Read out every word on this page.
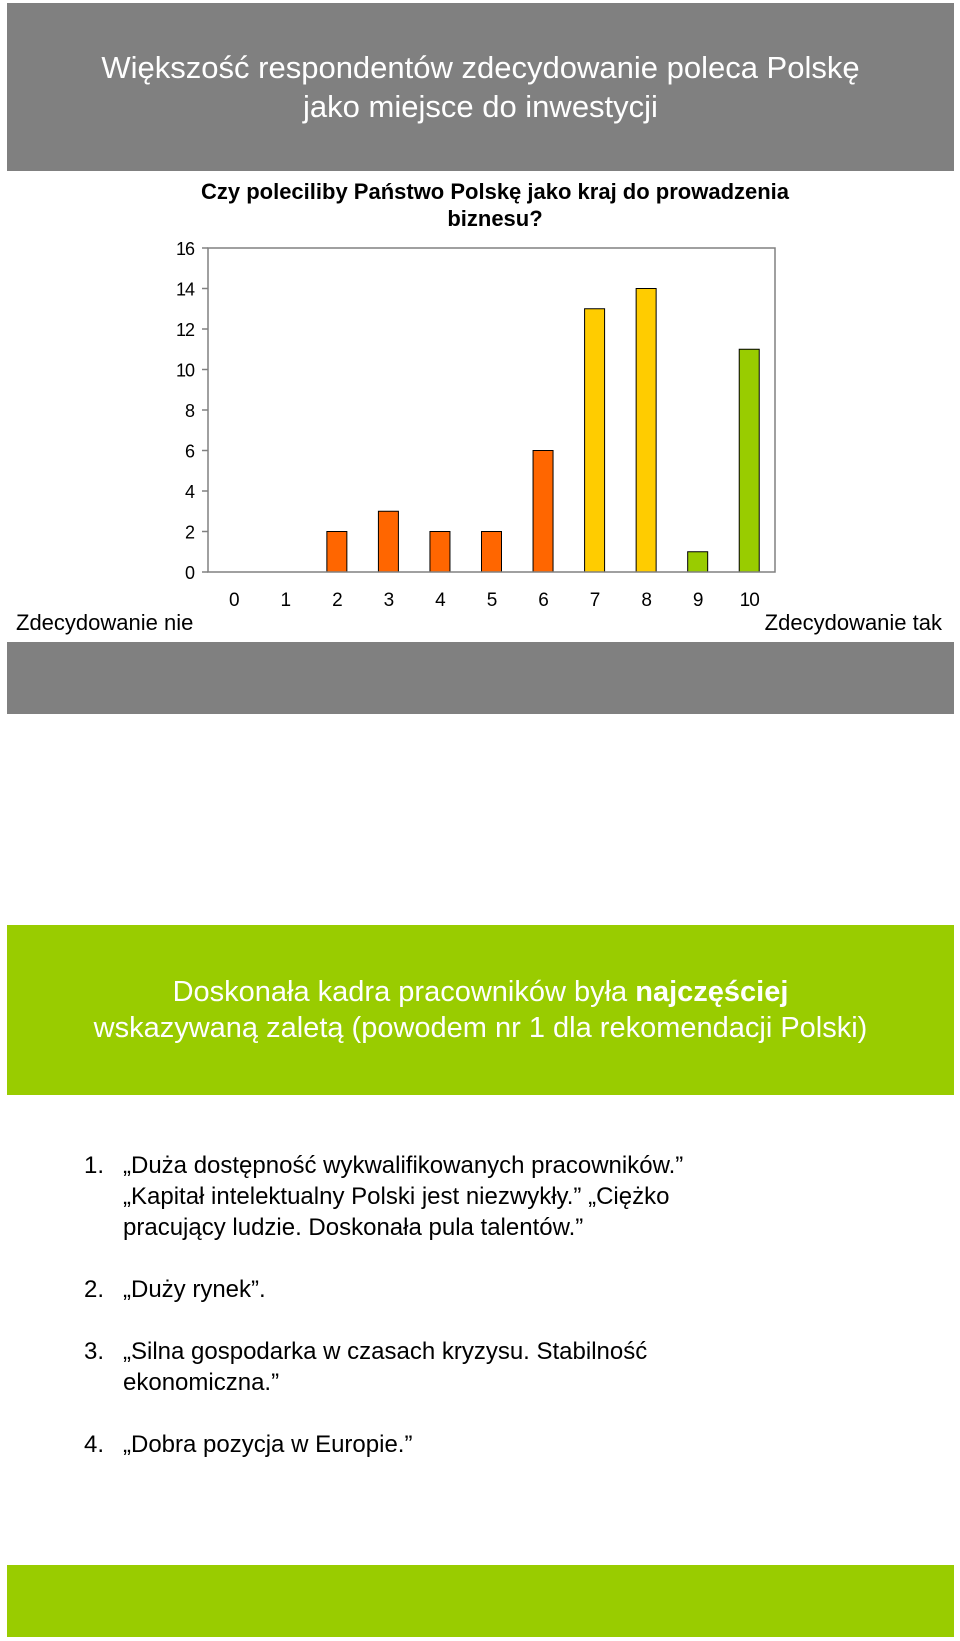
Większość respondentów zdecydowanie poleca Polskę
jako miejsce do inwestycji
Czy poleciliby Państwo Polskę jako kraj do prowadzenia
biznesu?
0
2
4
6
8
10
12
14
16
0 1 2 3 4 5 6 7 8 9 10
Zdecydowanie nie	Zdecydowanie tak
Doskonała kadra pracowników była najczęściej
wskazywaną zaletą (powodem nr 1 dla rekomendacji Polski)
1. „Duża dostępność wykwalifikowanych pracowników.” „Kapitał intelektualny Polski jest niezwykły.” „Ciężko pracujący ludzie. Doskonała pula talentów.”
2. „Duży rynek”.
3. „Silna gospodarka w czasach kryzysu. Stabilność ekonomiczna.”
4. „Dobra pozycja w Europie.”
